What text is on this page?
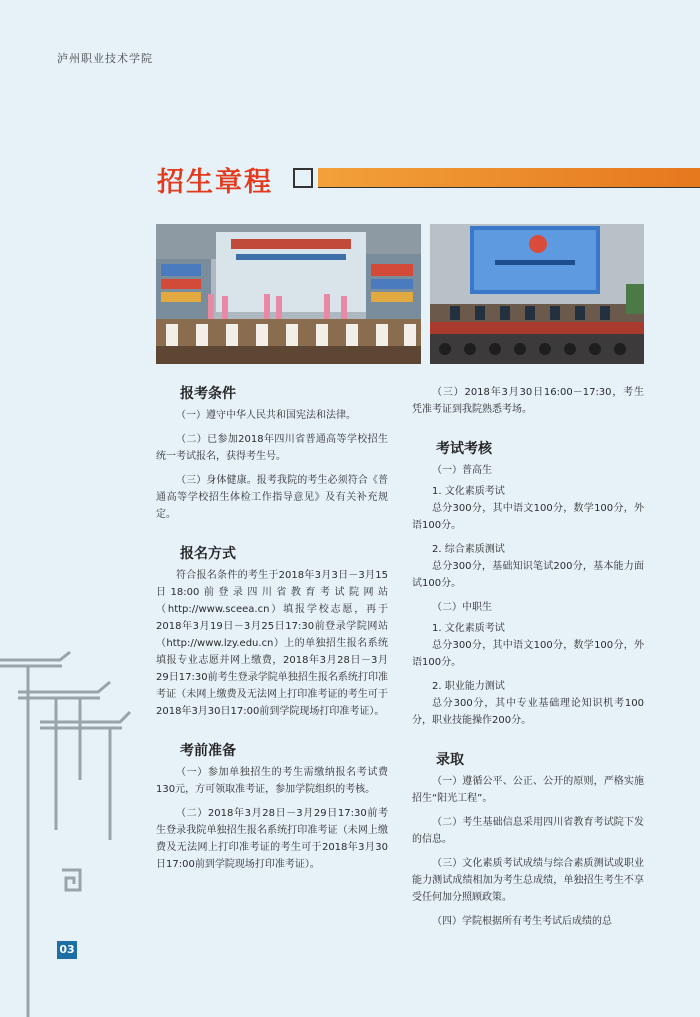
泸州职业技术学院
招生章程
报考条件
（一）遵守中华人民共和国宪法和法律。
（二）已参加2018年四川省普通高等学校招生统一考试报名，获得考生号。
（三）身体健康。报考我院的考生必须符合《普通高等学校招生体检工作指导意见》及有关补充规定。
报名方式
符合报名条件的考生于2018年3月3日－3月15日18:00前登录四川省教育考试院网站（http://www.sceea.cn）填报学校志愿，再于2018年3月19日－3月25日17:30前登录学院网站（http://www.lzy.edu.cn）上的单独招生报名系统填报专业志愿并网上缴费，2018年3月28日－3月29日17:30前考生登录学院单独招生报名系统打印准考证（未网上缴费及无法网上打印准考证的考生可于2018年3月30日17:00前到学院现场打印准考证）。
考前准备
（一）参加单独招生的考生需缴纳报名考试费130元，方可领取准考证，参加学院组织的考核。
（二）2018年3月28日－3月29日17:30前考生登录我院单独招生报名系统打印准考证（未网上缴费及无法网上打印准考证的考生可于2018年3月30日17:00前到学院现场打印准考证）。
（三）2018年3月30日16:00－17:30，考生凭准考证到我院熟悉考场。
考试考核
（一）普高生
1. 文化素质考试
总分300分，其中语文100分，数学100分，外语100分。
2. 综合素质测试
总分300分，基础知识笔试200分，基本能力面试100分。
（二）中职生
1. 文化素质考试
总分300分，其中语文100分，数学100分，外语100分。
2. 职业能力测试
总分300分，其中专业基础理论知识机考100分，职业技能操作200分。
录取
（一）遵循公平、公正、公开的原则，严格实施招生“阳光工程”。
（二）考生基础信息采用四川省教育考试院下发的信息。
（三）文化素质考试成绩与综合素质测试或职业能力测试成绩相加为考生总成绩，单独招生考生不享受任何加分照顾政策。
（四）学院根据所有考生考试后成绩的总
03
